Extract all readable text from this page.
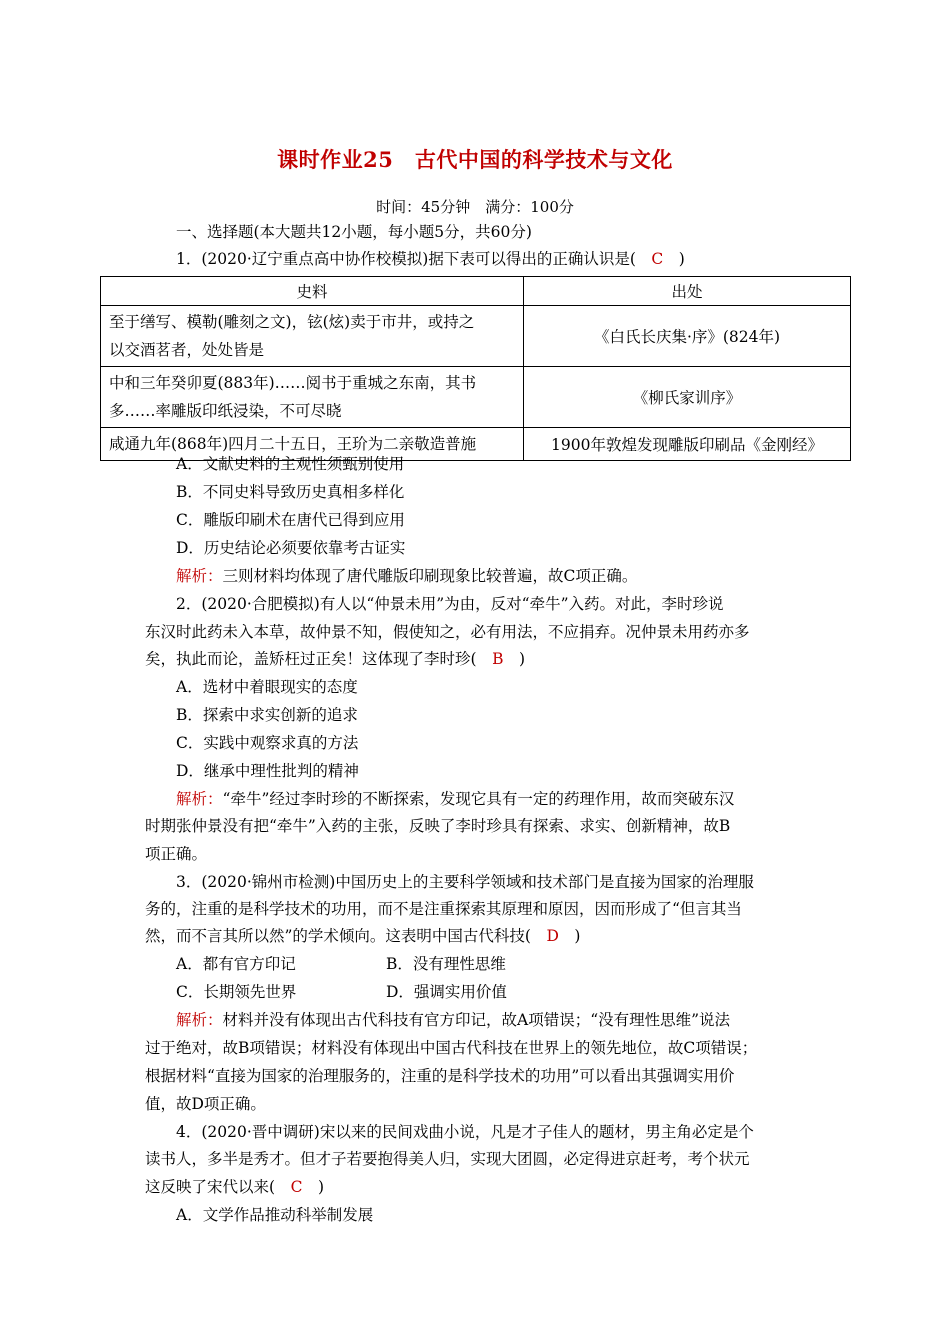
课时作业25　古代中国的科学技术与文化
时间：45分钟　满分：100分
一、选择题(本大题共12小题，每小题5分，共60分)
1．(2020·辽宁重点高中协作校模拟)据下表可以得出的正确认识是(　C　)
史料	出处
至于缮写、模勒(雕刻之文)，铉(炫)卖于市井，或持之
以交酒茗者，处处皆是	《白氏长庆集·序》(824年)
中和三年癸卯夏(883年)……阅书于重城之东南，其书
多……率雕版印纸浸染，不可尽晓	《柳氏家训序》
咸通九年(868年)四月二十五日，王玠为二亲敬造普施	1900年敦煌发现雕版印刷品《金刚经》
A．文献史料的主观性须甄别使用
B．不同史料导致历史真相多样化
C．雕版印刷术在唐代已得到应用
D．历史结论必须要依靠考古证实
解析：三则材料均体现了唐代雕版印刷现象比较普遍，故C项正确。
2．(2020·合肥模拟)有人以“仲景未用”为由，反对“牵牛”入药。对此，李时珍说
东汉时此药未入本草，故仲景不知，假使知之，必有用法，不应捐弃。况仲景未用药亦多
矣，执此而论，盖矫枉过正矣！这体现了李时珍(　B　)
A．选材中着眼现实的态度
B．探索中求实创新的追求
C．实践中观察求真的方法
D．继承中理性批判的精神
解析：“牵牛”经过李时珍的不断探索，发现它具有一定的药理作用，故而突破东汉
时期张仲景没有把“牵牛”入药的主张，反映了李时珍具有探索、求实、创新精神，故B
项正确。
3．(2020·锦州市检测)中国历史上的主要科学领域和技术部门是直接为国家的治理服
务的，注重的是科学技术的功用，而不是注重探索其原理和原因，因而形成了“但言其当
然，而不言其所以然”的学术倾向。这表明中国古代科技(　D　)
A．都有官方印记	B．没有理性思维
C．长期领先世界	D．强调实用价值
解析：材料并没有体现出古代科技有官方印记，故A项错误；“没有理性思维”说法
过于绝对，故B项错误；材料没有体现出中国古代科技在世界上的领先地位，故C项错误；
根据材料“直接为国家的治理服务的，注重的是科学技术的功用”可以看出其强调实用价
值，故D项正确。
4．(2020·晋中调研)宋以来的民间戏曲小说，凡是才子佳人的题材，男主角必定是个
读书人，多半是秀才。但才子若要抱得美人归，实现大团圆，必定得进京赶考，考个状元
这反映了宋代以来(　C　)
A．文学作品推动科举制发展
